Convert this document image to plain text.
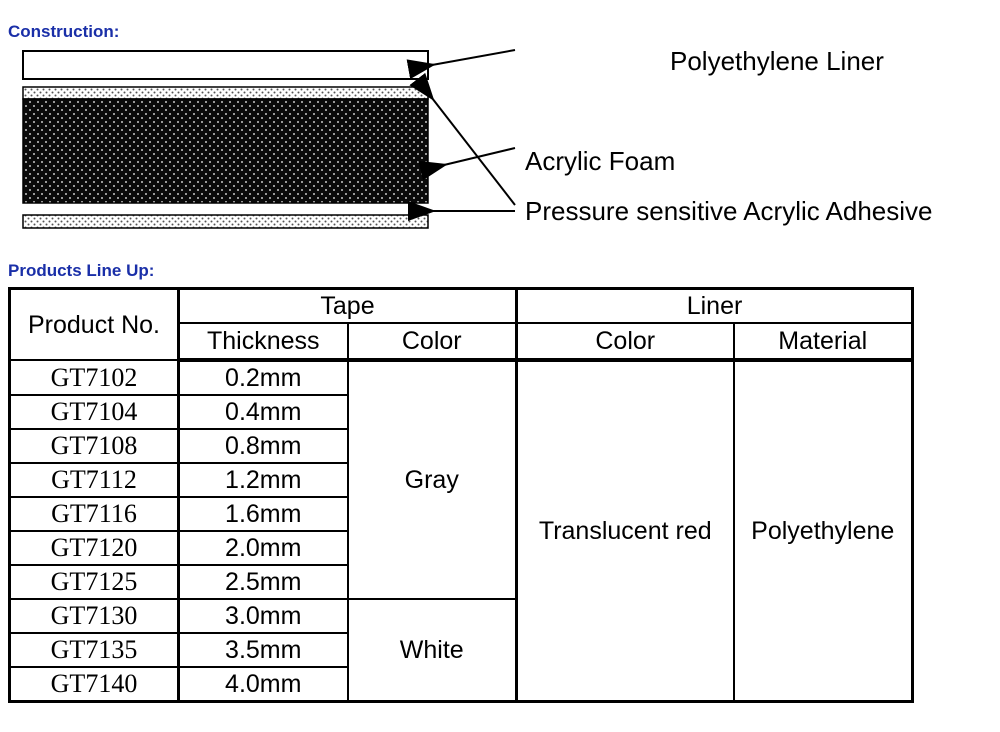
Construction:
Polyethylene Liner
Acrylic Foam
Pressure sensitive Acrylic Adhesive
Products Line Up:
Product No.	Tape		Liner	
	Thickness	Color	Color	Material
GT7102	0.2mm	Gray	Translucent red	Polyethylene
GT7104	0.4mm			
GT7108	0.8mm			
GT7112	1.2mm			
GT7116	1.6mm			
GT7120	2.0mm			
GT7125	2.5mm			
GT7130	3.0mm	White		
GT7135	3.5mm			
GT7140	4.0mm			
